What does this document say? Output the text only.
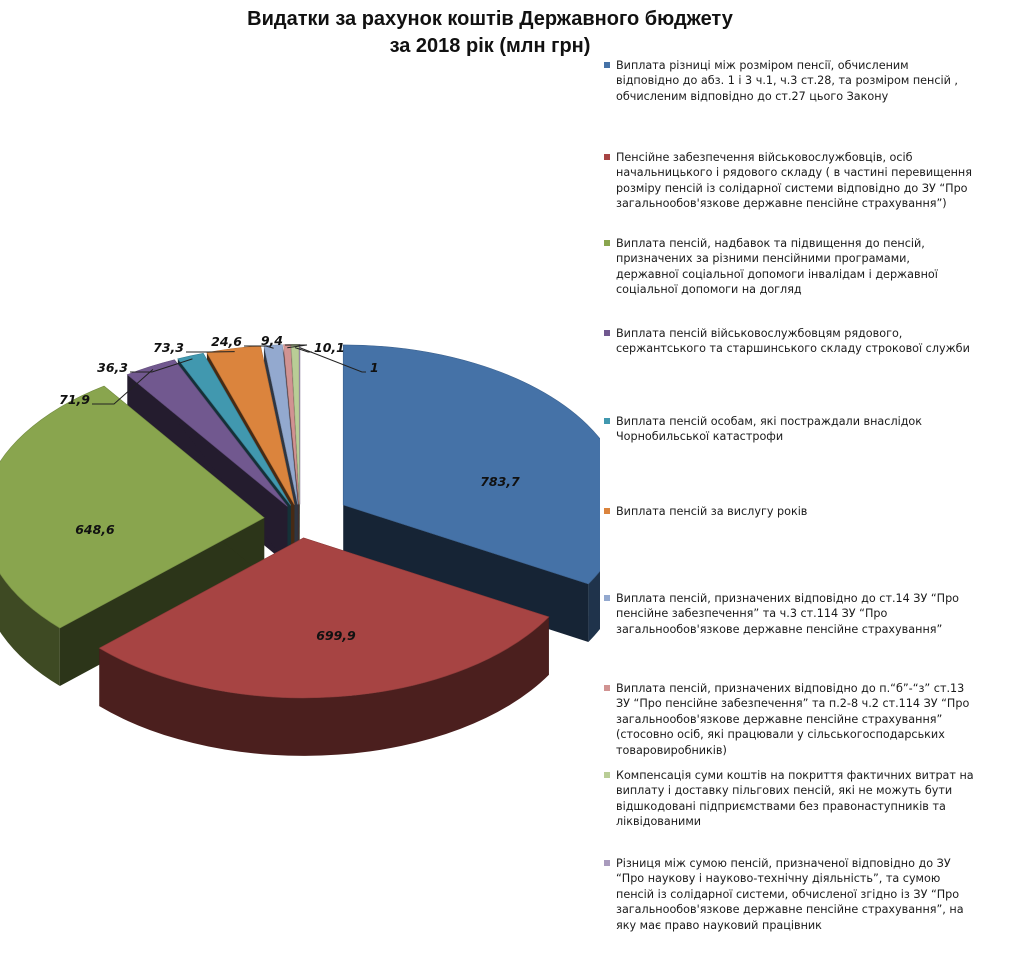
Видатки за рахунок коштів Державного бюджету
за 2018 рік (млн грн)
783,7
699,9
648,6
71,9
36,3
73,3 24,6 9,4 10,1
1
Виплата різниці між розміром пенсії, обчисленим
відповідно до абз. 1 і 3 ч.1, ч.3 ст.28, та розміром пенсій ,
обчисленим відповідно до ст.27 цього Закону
Пенсійне забезпечення військовослужбовців, осіб
начальницького і рядового складу ( в частині перевищення
розміру пенсій із солідарної системи відповідно до ЗУ “Про
загальнообов'язкове державне пенсійне страхування”)
Виплата пенсій, надбавок та підвищення до пенсій,
призначених за різними пенсійними програмами,
державної соціальної допомоги інвалідам і державної
соціальної допомоги на догляд
Виплата пенсій військовослужбовцям рядового,
сержантського та старшинського складу строкової служби
Виплата пенсій особам, які постраждали внаслідок
Чорнобильської катастрофи
Виплата пенсій за вислугу років
Виплата пенсій, призначених відповідно до ст.14 ЗУ “Про
пенсійне забезпечення” та ч.3 ст.114 ЗУ “Про
загальнообов'язкове державне пенсійне страхування”
Виплата пенсій, призначених відповідно до п.“б”-“з” ст.13
ЗУ “Про пенсійне забезпечення” та п.2-8 ч.2 ст.114 ЗУ “Про
загальнообов'язкове державне пенсійне страхування”
(стосовно осіб, які працювали у сільськогосподарських
товаровиробників)
Компенсація суми коштів на покриття фактичних витрат на
виплату і доставку пільгових пенсій, які не можуть бути
відшкодовані підприємствами без правонаступників та
ліквідованими
Різниця між сумою пенсій, призначеної відповідно до ЗУ
“Про наукову і науково-технічну діяльність”, та сумою
пенсій із солідарної системи, обчисленої згідно із ЗУ “Про
загальнообов'язкове державне пенсійне страхування”, на
яку має право науковий працівник
